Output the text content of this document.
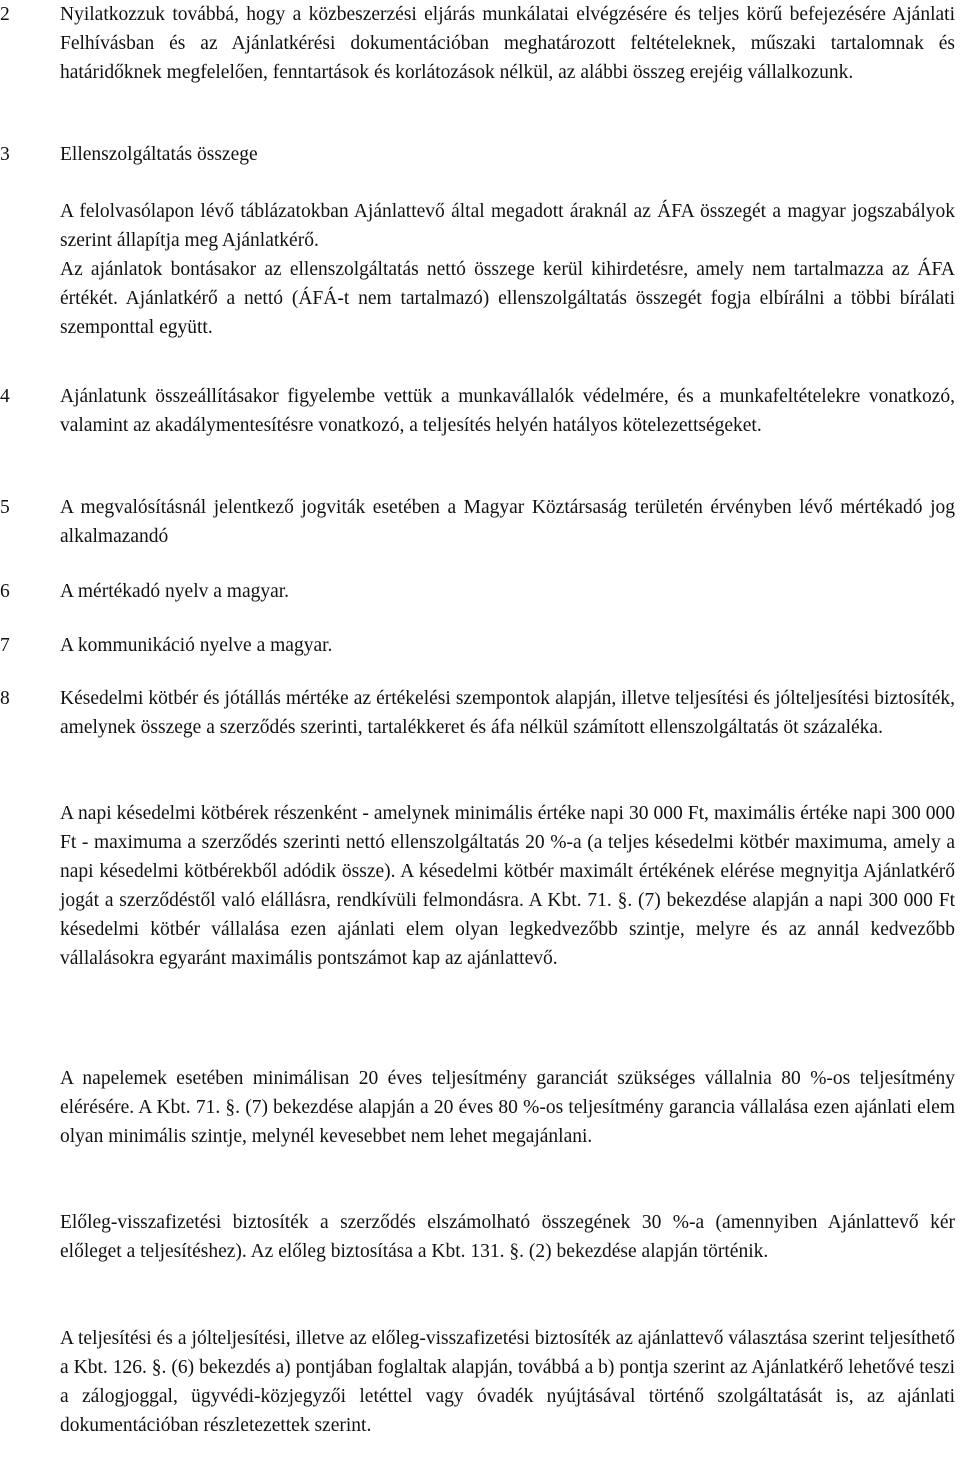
2	Nyilatkozzuk továbbá, hogy a közbeszerzési eljárás munkálatai elvégzésére és teljes körű befejezésére Ajánlati Felhívásban és az Ajánlatkérési dokumentációban meghatározott feltételeknek, műszaki tartalomnak és határidőknek megfelelően, fenntartások és korlátozások nélkül, az alábbi összeg erejéig vállalkozunk.

3	Ellenszolgáltatás összege

A felolvasólapon lévő táblázatokban Ajánlattevő által megadott áraknál az ÁFA összegét a magyar jogszabályok szerint állapítja meg Ajánlatkérő.

Az ajánlatok bontásakor az ellenszolgáltatás nettó összege kerül kihirdetésre, amely nem tartalmazza az ÁFA értékét. Ajánlatkérő a nettó (ÁFÁ-t nem tartalmazó) ellenszolgáltatás összegét fogja elbírálni a többi bírálati szemponttal együtt.

4	Ajánlatunk összeállításakor figyelembe vettük a munkavállalók védelmére, és a munkafeltételekre vonatkozó, valamint az akadálymentesítésre vonatkozó, a teljesítés helyén hatályos kötelezettségeket.

5	A megvalósításnál jelentkező jogviták esetében a Magyar Köztársaság területén érvényben lévő mértékadó jog alkalmazandó

6	A mértékadó nyelv a magyar.

7	A kommunikáció nyelve a magyar.

8	Késedelmi kötbér és jótállás mértéke az értékelési szempontok alapján, illetve teljesítési és jólteljesítési biztosíték, amelynek összege a szerződés szerinti, tartalékkeret és áfa nélkül számított ellenszolgáltatás öt százaléka.

A napi késedelmi kötbérek részenként - amelynek minimális értéke napi 30 000 Ft, maximális értéke napi 300 000 Ft - maximuma a szerződés szerinti nettó ellenszolgáltatás 20 %-a (a teljes késedelmi kötbér maximuma, amely a napi késedelmi kötbérekből adódik össze). A késedelmi kötbér maximált értékének elérése megnyitja Ajánlatkérő jogát a szerződéstől való elállásra, rendkívüli felmondásra. A Kbt. 71. §. (7) bekezdése alapján a napi 300 000 Ft késedelmi kötbér vállalása ezen ajánlati elem olyan legkedvezőbb szintje, melyre és az annál kedvezőbb vállalásokra egyaránt maximális pontszámot kap az ajánlattevő.

A napelemek esetében minimálisan 20 éves teljesítmény garanciát szükséges vállalnia 80 %-os teljesítmény elérésére. A Kbt. 71. §. (7) bekezdése alapján a 20 éves 80 %-os teljesítmény garancia vállalása ezen ajánlati elem olyan minimális szintje, melynél kevesebbet nem lehet megajánlani.

Előleg-visszafizetési biztosíték a szerződés elszámolható összegének 30 %-a (amennyiben Ajánlattevő kér előleget a teljesítéshez). Az előleg biztosítása a Kbt. 131. §. (2) bekezdése alapján történik.

A teljesítési és a jólteljesítési, illetve az előleg-visszafizetési biztosíték az ajánlattevő választása szerint teljesíthető a Kbt. 126. §. (6) bekezdés a) pontjában foglaltak alapján, továbbá a b) pontja szerint az Ajánlatkérő lehetővé teszi a zálogjoggal, ügyvédi-közjegyzői letéttel vagy óvadék nyújtásával történő szolgáltatását is, az ajánlati dokumentációban részletezettek szerint.
